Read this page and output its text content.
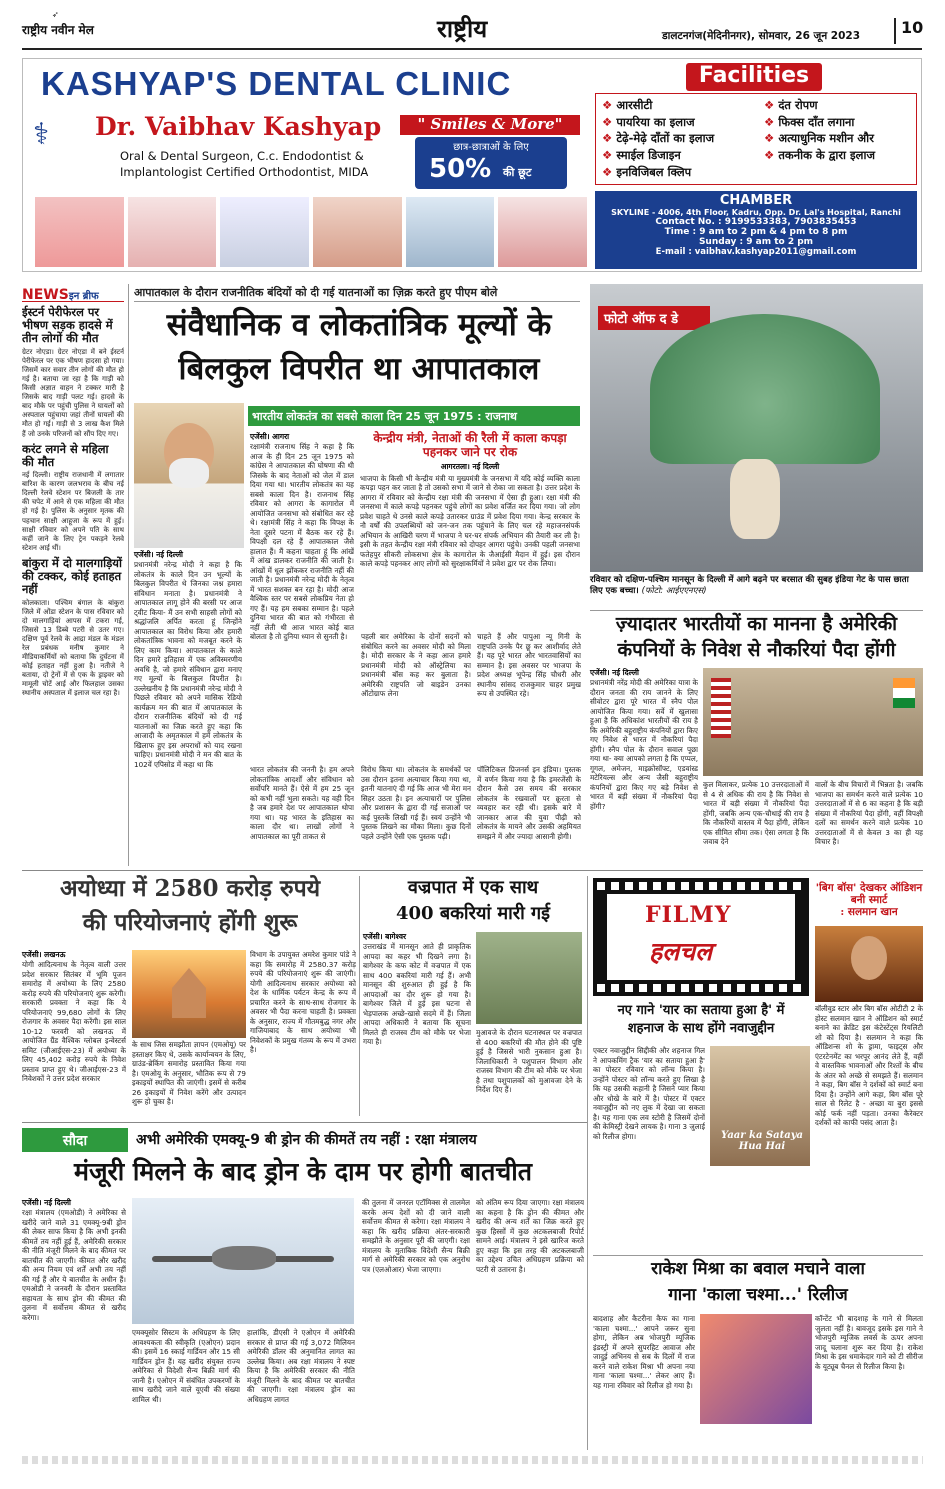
राष्ट्रीय नवीन मेल
➶	राष्ट्रीय	डालटनगंज(मेदिनीनगर), सोमवार, 26 जून 2023	10
KASHYAP'S DENTAL CLINIC
⚕ Dr. Vaibhav Kashyap	" Smiles & More"
Oral & Dental Surgeon, C.c. Endodontist &
Implantologist Certified Orthodontist, MIDA
छात्र-छात्राओं के लिए
50% की छूट
Facilities
❖ आरसीटी
❖ पायरिया का इलाज
❖ टेढ़े-मेढ़े दाँतों का इलाज
❖ स्माईल डिजाइन
❖ इनविजिबल क्लिप
❖ दंत रोपण
❖ फिक्स दाँत लगाना
❖ अत्याधुनिक मशीन और
❖ तकनीक के द्वारा इलाज
CHAMBER
SKYLINE - 4006, 4th Floor, Kadru, Opp. Dr. Lal's Hospital, Ranchi
Contact No. : 9199533383, 7903835453
Time : 9 am to 2 pm & 4 pm to 8 pm
Sunday : 9 am to 2 pm
E-mail : vaibhav.kashyap2011@gmail.com
NEWSइन ब्रीफ
ईस्टर्न पेरीफेरल पर भीषण सड़क हादसे में तीन लोगों की मौत
ग्रेटर नोएडा। ग्रेटर नोएडा में बने ईस्टर्न पेरीफेरल पर एक भीषण हादसा हो गया। जिसमें कार सवार तीन लोगों की मौत हो गई है। बताया जा रहा है कि गाड़ी को किसी अज्ञात वाहन ने टक्कर मारी है जिसके बाद गाड़ी पलट गई। हादसे के बाद मौके पर पहुंची पुलिस ने घायलों को अस्पताल पहुंचाया जहां तीनों घायलों की मौत हो गई। गाड़ी से 3 लाख कैश मिले हैं जो उनके परिजनों को सौंप दिए गए।
करंट लगने से महिला की मौत
नई दिल्ली। राष्ट्रीय राजधानी में लगातार बारिश के कारण जलभराव के बीच नई दिल्ली रेलवे स्टेशन पर बिजली के तार की चपेट में आने से एक महिला की मौत हो गई है। पुलिस के अनुसार मृतक की पहचान साक्षी आहूजा के रूप में हुई। साक्षी रविवार को अपने पति के साथ कहीं जाने के लिए ट्रेन पकड़ने रेलवे स्टेशन आई थीं।
बांकुरा में दो मालगाड़ियों की टक्कर, कोई हताहत नहीं
कोलकाता। पश्चिम बंगाल के बांकुरा जिले में ओंडा स्टेशन के पास रविवार को दो मालगाड़ियां आपस में टकरा गई, जिससे 13 डिब्बे पटरी से उतर गए। दक्षिण पूर्व रेलवे के आद्रा मंडल के मंडल रेल प्रबंधक मनीष कुमार ने मीडियाकर्मियों को बताया कि दुर्घटना में कोई हताहत नहीं हुआ है। नतीजे ने बताया, दो ट्रेनों में से एक के ड्राइवर को मामूली चोटें आई और फिलहाल उसका स्थानीय अस्पताल में इलाज चल रहा है।
आपातकाल के दौरान राजनीतिक बंदियों को दी गई यातनाओं का ज़िक्र करते हुए पीएम बोले
संवैधानिक व लोकतांत्रिक मूल्यों के
बिलकुल विपरीत था आपातकाल
भारतीय लोकतंत्र का सबसे काला दिन 25 जून 1975 : राजनाथ
एजेंसी। नई दिल्ली
प्रधानमंत्री नरेन्द्र मोदी ने कहा है कि लोकतंत्र के काले दिन उन भूल्यों के बिलकुल विपरीत थे जिनका जश्न हमारा संविधान मनाता है। प्रधानमंत्री ने आपातकाल लागू होने की बरसी पर आज ट्वीट किया- मैं उन सभी साहसी लोगों को श्रद्धांजलि अर्पित करता हूं जिन्होंने आपातकाल का विरोध किया और हमारी लोकतांत्रिक भावना को मजबूत करने के लिए काम किया। आपातकाल के काले दिन हमारे इतिहास में एक अविस्मरणीय अवधि है, जो हमारे संविधान द्वारा मनाए गए मूल्यों के बिलकुल विपरीत है। उल्लेखनीय है कि प्रधानमंत्री नरेन्द्र मोदी ने पिछले रविवार को अपने मासिक रेडियो कार्यक्रम मन की बात में आपातकाल के दौरान राजनीतिक बंदियों को दी गई यातनाओं का जिक्र करते हुए कहा कि आजादी के अमृतकाल में हमें लोकतंत्र के खिलाफ हुए इस अपराधों को याद रखना चाहिए। प्रधानमंत्री मोदी ने मन की बात के 102वें एपिसोड में कहा था कि
एजेंसी। आगरा
रक्षामंत्री राजनाथ सिंह ने कहा है कि आज के ही दिन 25 जून 1975 को कांग्रेस ने आपातकाल की घोषणा की थी जिसके के बाद नेताओं को जेल में डाल दिया गया था। भारतीय लोकतंत्र का यह सबसे काला दिन है। राजनाथ सिंह रविवार को आगरा के कागारोल में आयोजित जनसभा को संबोधित कर रहे थे। रक्षामंत्री सिंह ने कहा कि विपक्ष के नेता दूसरे पटना में बैठक कर रहे हैं। विपक्षी दल रहे हैं आपातकाल जैसे हालात हैं। मैं कहना चाहता हूं कि आंखें में आंख डालकर राजनीति की जाती है। आंखों में धूल झोंककर राजनीति नहीं की जाती है। प्रधानमंत्री नरेन्द्र मोदी के नेतृत्व में भारत सशक्त बन रहा है। मोदी आज वैश्विक स्तर पर सबसे लोकप्रिय नेता हो गए हैं। यह हम सबका सम्मान है। पहले दुनिया भारत की बात को गंभीरता से नहीं लेती थी आज भारत कोई बात बोलता है तो दुनिया ध्यान से सुनती है।
भारत लोकतंत्र की जननी है। हम अपने लोकतांत्रिक आदर्शों और संविधान को सर्वोपरि मानते हैं। ऐसे में हम 25 जून को कभी नहीं भुला सकते। यह वही दिन है जब हमारे देश पर आपातकाल थोपा गया था। यह भारत के इतिहास का काला दौर था। लाखों लोगों ने आपातकाल का पूरी ताकत से
विरोध किया था। लोकतंत्र के समर्थकों पर उस दौरान इतना अत्याचार किया गया था, इतनी यातनाएं दी गई कि आज भी मेरा मन सिहर उठता है। इन अत्याचारों पर पुलिस और प्रशासन के द्वारा दी गई सजाओं पर कई पुस्तकें लिखी गई हैं। स्वयं उन्होंने भी पुस्तक लिखने का मौका मिला। कुछ दिनों पहले उन्होंने ऐसी एक पुस्तक पढ़ी।
केन्द्रीय मंत्री, नेताओं की रैली में काला कपड़ा पहनकर जाने पर रोक
आगरतला। नई दिल्ली
भाजपा के किसी भी केन्द्रीय मंत्री या मुख्यमंत्री के जनसभा में यदि कोई व्यक्ति काला कपड़ा पहन कर जाता है तो उसको सभा में जाने से रोका जा सकता है। उत्तर प्रदेश के आगरा में रविवार को केन्द्रीय रक्षा मंत्री की जनसभा में ऐसा ही हुआ। रक्षा मंत्री की जनसभा में काले कपड़े पहनकर पहुंचे लोगों का प्रवेश वर्जित कर दिया गया। जो लोग प्रवेश चाहते थे उनसे काले कपड़े उतारकर ग्राउंड में प्रवेश दिया गया। केन्द्र सरकार के नौ वर्षों की उपलब्धियों को जन-जन तक पहुंचाने के लिए चल रहे महाजनसंपर्क अभियान के आखिरी चरण में भाजपा ने घर-घर संपर्क अभियान की तैयारी कर ली है। इसी के तहत केन्द्रीय रक्षा मंत्री रविवार को दोपहर आगरा पहुंचे। उनकी पहली जनसभा फतेहपुर सीकरी लोकसभा क्षेत्र के कागारोल के जैआईसी मैदान में हुई। इस दौरान काले कपड़े पहनकर आए लोगों को सुरक्षाकर्मियों ने प्रवेश द्वार पर रोक लिया।
पहली बार अमेरिका के दोनों सदनों को संबोधित करने का अवसर मोदी को मिला है। मोदी सरकार के ने कहा आज हमारे प्रधानमंत्री मोदी को ऑस्ट्रेलिया का प्रधानमंत्री बॉस कह कर बुलाता है। अमेरिकी राष्ट्रपति जो बाइडेन उनका ऑटोग्राफ लेना
चाहते हैं और पापुआ न्यू गिनी के राष्ट्रपति उनके पैर छू कर आशीर्वाद लेते हैं। यह पूरे भारत और भारतवासियों का सम्मान है। इस अवसर पर भाजपा के प्रदेश अध्यक्ष भूपेन्द्र सिंह चौधरी और स्थानीय सांसद राजकुमार चाहर प्रमुख रूप से उपस्थित रहे।
पॉलिटिकल प्रिजनर्स इन इंडिया। पुस्तक में वर्णन किया गया है कि इमरजेंसी के दौरान कैसे उस समय की सरकार लोकतंत्र के रखवालों पर क्रूरता से व्यवहार कर रही थी। इसके बारे में जानकार आज की युवा पीढ़ी को लोकतंत्र के मायने और उसकी अहमियत समझने में और ज्यादा आसानी होगी।
फोटो ऑफ द डे
रविवार को दक्षिण-पश्चिम मानसून के दिल्ली में आगे बढ़ने पर बरसात की सुबह इंडिया गेट के पास छाता लिए एक बच्चा। (फोटो: आईएएनएस)
ज़्यादातर भारतीयों का मानना है अमेरिकी
कंपनियों के निवेश से नौकरियां पैदा होंगी
एजेंसी। नई दिल्ली
प्रधानमंत्री नरेंद्र मोदी की अमेरिका यात्रा के दौरान जनता की राय जानने के लिए सीवोटर द्वारा पूरे भारत में स्नैप पोल आयोजित किया गया। सर्वे में खुलासा हुआ है कि अधिकांश भारतीयों की राय है कि अमेरिकी बहुराष्ट्रीय कंपनियों द्वारा किए गए निवेश से भारत में नौकरियां पैदा होंगी। स्नैप पोल के दौरान सवाल पूछा गया था- क्या आपको लगता है कि एप्पल, गूगल, अमेजन, माइक्रोसॉफ्ट, एडवांस्ड मटेरियल्स और अन्य जैसी बहुराष्ट्रीय कंपनियों द्वारा किए गए बड़े निवेश से भारत में बड़ी संख्या में नौकरियां पैदा होंगी?
कुल मिलाकर, प्रत्येक 10 उत्तरदाताओं में से 4 से अधिक की राय है कि निवेश से भारत में बड़ी संख्या में नौकरियां पैदा होंगी, जबकि अन्य एक-चौथाई की राय है कि नौकरियों वास्तव में पैदा होंगी, लेकिन एक सीमित सीमा तक। ऐसा लगता है कि जवाब देने
वालों के बीच विचारों में भिन्नता है। जबकि भाजपा का समर्थन करने वाले प्रत्येक 10 उत्तरदाताओं में से 6 का कहना है कि बड़ी संख्या में नौकरियां पैदा होंगी, वहीं विपक्षी दलों का समर्थन करने वाले प्रत्येक 10 उत्तरदाताओं में से केवल 3 का ही यह विचार है।
अयोध्या में 2580 करोड़ रुपये
की परियोजनाएं होंगी शुरू
एजेंसी। लखनऊ
योगी आदित्यनाथ के नेतृत्व वाली उत्तर प्रदेश सरकार सितंबर में भूमि पूजन समारोह में अयोध्या के लिए 2580 करोड़ रुपये की परियोजनाएं शुरू करेगी। सरकारी प्रवक्ता ने कहा कि ये परियोजनाएं 99,680 लोगों के लिए रोजगार के अवसर पैदा करेंगी। इस साल 10-12 फरवरी को लखनऊ में आयोजित ग्रैंड वैश्विक ग्लोबल इन्वेस्टर्स समिट (जीआईएस-23) में अयोध्या के लिए 45,402 करोड़ रुपये के निवेश प्रस्ताव प्राप्त हुए थे। जीआईएस-23 में निवेशकों ने उत्तर प्रदेश सरकार
के साथ जिस समझौता ज्ञापन (एमओयू) पर हस्ताक्षर किए थे, उसके कार्यान्वयन के लिए, ग्राउंड-ब्रेकिंग समारोह प्रस्तावित किया गया है। एमओयू के अनुसार, भौतिक रूप से 79 इकाइयों स्थापित की जाएंगी। इसमें से करीब 26 इकाइयों में निवेश करेंगे और उत्पादन शुरू हो चुका है।
विभाग के उपायुक्त अमरेश कुमार पांडे ने कहा कि समारोह में 2580.37 करोड़ रुपये की परियोजनाएं शुरू की जाएंगी। योगी आदित्यनाथ सरकार अयोध्या को देश के धार्मिक पर्यटन केन्द्र के रूप में प्रचारित करने के साथ-साथ रोजगार के अवसर भी पैदा करना चाहती है। प्रवक्ता के अनुसार, राज्य में गौतमबुद्ध नगर और गाजियाबाद के साथ अयोध्या भी निवेशकों के प्रमुख गंतव्य के रूप में उभरा है।
वज्रपात में एक साथ
400 बकरियां मारी गई
एजेंसी। बागेश्वर
उत्तराखंड में मानसून आते ही प्राकृतिक आपदा का कहर भी दिखने लगा है। बागेश्वर के कफ कोट में वज्रपात में एक साथ 400 बकरियां मारी गई हैं। अभी मानसून की शुरुआत ही हुई है कि आपदाओं का दौर शुरू हो गया है। बागेश्वर जिले में हुई इस घटना से भेड़पालक अच्छे-खासे सदमे में हैं। जिला आपदा अधिकारी ने बताया कि सूचना मिलते ही राजस्व टीम को मौके पर भेजा गया है।
मुआवजे के दौरान घटनास्थल पर वज्रपात से 400 बकरियों की मौत होने की पुष्टि हुई है जिससे भारी नुकसान हुआ है। जिलाधिकारी ने पशुपालन विभाग और राजस्व विभाग की टीम को मौके पर भेजा है तथा पशुपालकों को मुआवजा देने के निर्देश दिए हैं।
FILMY
हलचल
'बिग बॉस' देखकर ऑडिशन बनी स्मार्ट
: सलमान खान
बॉलीवुड स्टार और बिग बॉस ओटीटी 2 के होस्ट सलमान खान ने ऑडिशन को स्मार्ट बनाने का क्रेडिट इस कंटेस्टेंट्स रियलिटी शो को दिया है। सलमान ने कहा कि ऑडिशन्स शो के ड्रामा, फाइट्स और एंटरटेनमेंट का भरपूर आनंद लेते हैं, वहीं वे वास्तविक भावनाओं और रिश्तों के बीच के अंतर को अच्छे से समझते हैं। सलमान ने कहा, बिग बॉस ने दर्शकों को स्मार्ट बना दिया है। उन्होंने आगे कहा, बिग बॉस पूरे साल से रिलेट है - अच्छा या बुरा इससे कोई फर्क नहीं पड़ता। उनका कैरेक्टर दर्शकों को काफी पसंद आता है।
नए गाने 'यार का सताया हुआ है' में
शहनाज के साथ होंगे नवाजुद्दीन
एक्टर नवाजुद्दीन सिद्दीकी और शहनाज गिल ने आपकमिंग ट्रैक 'यार का सताया हुआ है' का पोस्टर रविवार को लॉन्च किया है। उन्होंने पोस्टर को लॉन्च करते हुए लिखा है कि यह उसकी कहानी है जिसने प्यार किया और धोखे के बारे में है। पोस्टर में एक्टर नवाजुद्दीन को नए लुक में देखा जा सकता है। यह गाना एक लव स्टोरी है जिसमें दोनों की केमिस्ट्री देखने लायक है। गाना 3 जुलाई को रिलीज होगा।	Yaar ka Sataya Hua Hai
राकेश मिश्रा का बवाल मचाने वाला
गाना 'काला चश्मा...' रिलीज
बादशाह और कैटरीना कैफ का गाना 'काला चश्मा...' आपने जरूर सुना होगा, लेकिन अब भोजपुरी म्यूजिक इंडस्ट्री में अपने सुपरहिट आवाज और जादुई अभिनय से सब के दिलों में राज करने वाले राकेश मिश्रा भी अपना नया गाना 'काला चश्मा...' लेकर आए हैं। यह गाना रविवार को रिलीज हो गया है।
कॉन्टेंट भी बादशाह के गाने से मिलता जुलता नहीं है। बावजूद इसके इस गाने ने भोजपुरी म्यूजिक लवर्स के ऊपर अपना जादू चलाना शुरू कर दिया है। राकेश मिश्रा के इस धमाकेदार गाने को टी सीरीज के यूट्यूब चैनल से रिलीज किया है।
सौदा	अभी अमेरिकी एमक्यू-9 बी ड्रोन की कीमतें तय नहीं : रक्षा मंत्रालय
मंजूरी मिलने के बाद ड्रोन के दाम पर होगी बातचीत
एजेंसी। नई दिल्ली
रक्षा मंत्रालय (एमओडी) ने अमेरिका से खरीदे जाने वाले 31 एमक्यू-9बी ड्रोन की लेकर साफ किया है कि अभी इनकी कीमतें तय नहीं हुई हैं, अमेरिकी सरकार की नीति मंजूरी मिलने के बाद कीमत पर बातचीत की जाएगी। कीमत और खरीद की अन्य नियम एवं शर्तें अभी तय नहीं की गई हैं और ये बातचीत के अधीन हैं। एमओडी ने जनवरी के दौरान प्रस्तावित सहायता के साथ ड्रोन की कीमत की तुलना में सर्वोत्तम कीमत से खरीद करेगा।
एमक्यूसोर सिस्टम के अधिग्रहण के लिए आवश्यकता की स्वीकृति (एओएन) प्रदान की। इसमें 16 स्काई गार्डियन और 15 सी गार्डियन ड्रोन हैं। यह खरीद संयुक्त राज्य अमेरिका से विदेशी सैन्य बिक्री मार्ग की जानी है। एओएन में संबंधित उपकरणों के साथ खरीदे जाने वाले यूएवी की संख्या शामिल थी।
हालांकि, डीएसी ने एओएन में अमेरिकी सरकार से प्राप्त की गई 3,072 मिलियन अमेरिकी डॉलर की अनुमानित लागत का उल्लेख किया। अब रक्षा मंत्रालय ने स्पष्ट किया है कि अमेरिकी सरकार की नीति मंजूरी मिलने के बाद कीमत पर बातचीत की जाएगी। रक्षा मंत्रालय ड्रोन का अधिग्रहण लागत
की तुलना में जनरल एटॉमिक्स से तालमेल करके अन्य देशों को दी जाने वाली सर्वोत्तम कीमत से करेगा। रक्षा मंत्रालय ने कहा कि खरीद प्रक्रिया अंतर-सरकारी समझौते के अनुसार पूरी की जाएगी। रक्षा मंत्रालय के मुताबिक विदेशी सैन्य बिक्री मार्ग से अमेरिकी सरकार को एक अनुरोध पत्र (एलओआर) भेजा जाएगा।
को अंतिम रूप दिया जाएगा। रक्षा मंत्रालय का कहना है कि ड्रोन की कीमत और खरीद की अन्य शर्तें का जिक्र करते हुए कुछ हिस्सों में कुछ अटकलबाजी रिपोर्ट सामने आई। मंत्रालय ने इसे खारिज करते हुए कहा कि इस तरह की अटकलबाजी का उद्देश्य उचित अधिग्रहण प्रक्रिया को पटरी से उतारना है।
